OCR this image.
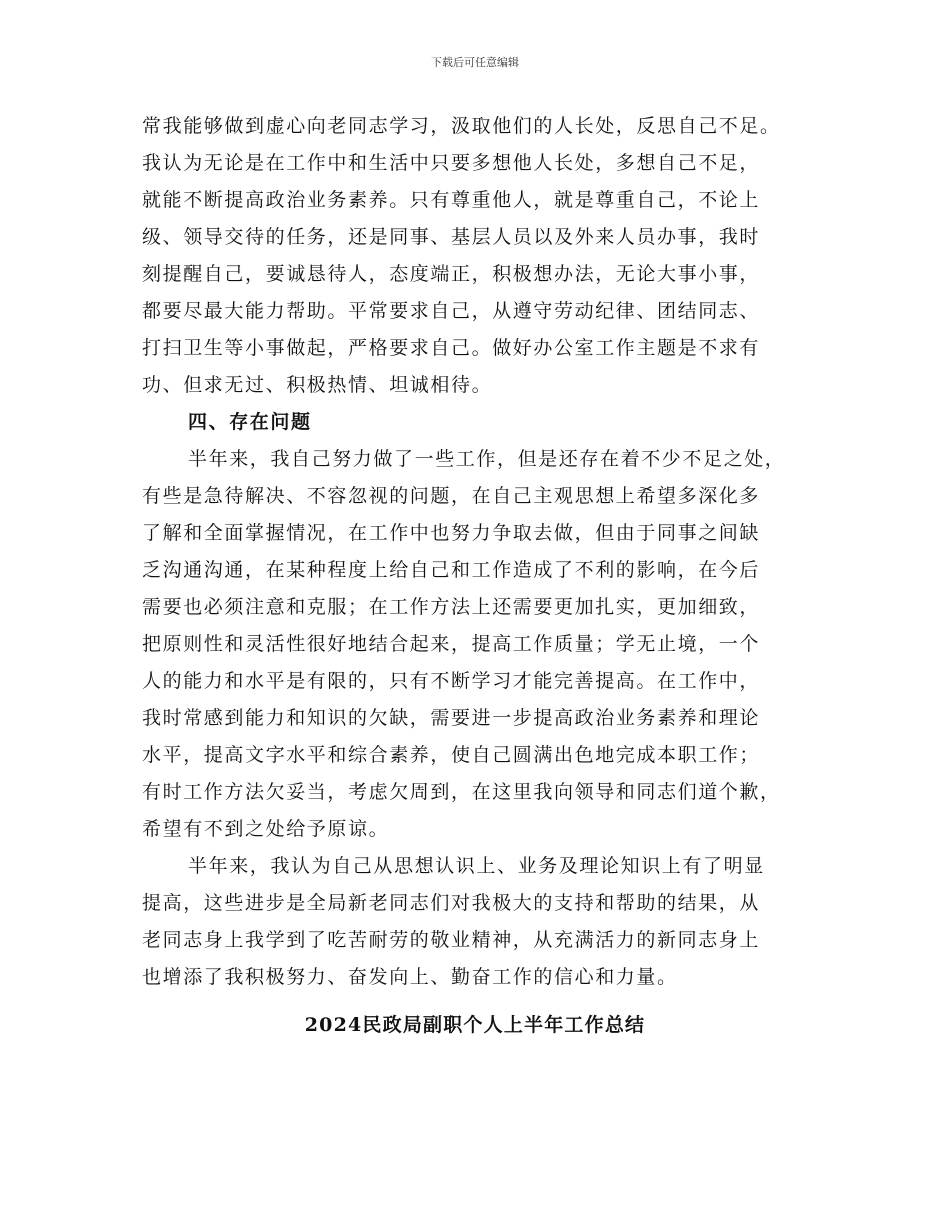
下载后可任意编辑
常我能够做到虚心向老同志学习，汲取他们的人长处，反思自己不足。
我认为无论是在工作中和生活中只要多想他人长处，多想自己不足，
就能不断提高政治业务素养。只有尊重他人，就是尊重自己，不论上
级、领导交待的任务，还是同事、基层人员以及外来人员办事，我时
刻提醒自己，要诚恳待人，态度端正，积极想办法，无论大事小事，
都要尽最大能力帮助。平常要求自己，从遵守劳动纪律、团结同志、
打扫卫生等小事做起，严格要求自己。做好办公室工作主题是不求有
功、但求无过、积极热情、坦诚相待。
四、存在问题
半年来，我自己努力做了一些工作，但是还存在着不少不足之处，
有些是急待解决、不容忽视的问题，在自己主观思想上希望多深化多
了解和全面掌握情况，在工作中也努力争取去做，但由于同事之间缺
乏沟通沟通，在某种程度上给自己和工作造成了不利的影响，在今后
需要也必须注意和克服；在工作方法上还需要更加扎实，更加细致，
把原则性和灵活性很好地结合起来，提高工作质量；学无止境，一个
人的能力和水平是有限的，只有不断学习才能完善提高。在工作中，
我时常感到能力和知识的欠缺，需要进一步提高政治业务素养和理论
水平，提高文字水平和综合素养，使自己圆满出色地完成本职工作；
有时工作方法欠妥当，考虑欠周到，在这里我向领导和同志们道个歉，
希望有不到之处给予原谅。
半年来，我认为自己从思想认识上、业务及理论知识上有了明显
提高，这些进步是全局新老同志们对我极大的支持和帮助的结果，从
老同志身上我学到了吃苦耐劳的敬业精神，从充满活力的新同志身上
也增添了我积极努力、奋发向上、勤奋工作的信心和力量。
2024民政局副职个人上半年工作总结
